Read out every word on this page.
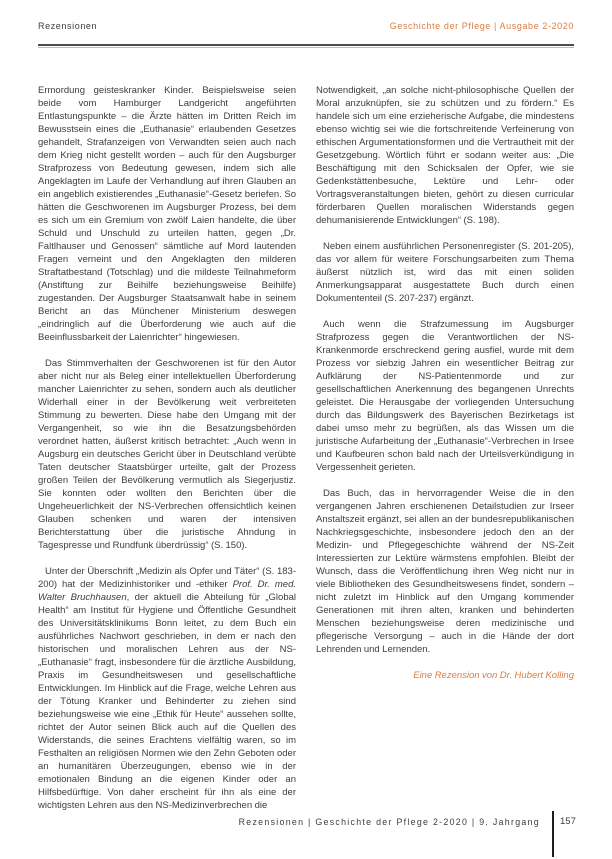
Rezensionen	Geschichte der Pflege | Ausgabe 2-2020

Ermordung geisteskranker Kinder. Beispielsweise seien beide vom Hamburger Landgericht angeführten Entlastungspunkte – die Ärzte hätten im Dritten Reich im Bewusstsein eines die „Euthanasie“ erlaubenden Gesetzes gehandelt, Strafanzeigen von Verwandten seien auch nach dem Krieg nicht gestellt worden – auch für den Augsburger Strafprozess von Bedeutung gewesen, indem sich alle Angeklagten im Laufe der Verhandlung auf ihren Glauben an ein angeblich existierendes „Euthanasie“-Gesetz beriefen. So hätten die Geschworenen im Augsburger Prozess, bei dem es sich um ein Gremium von zwölf Laien handelte, die über Schuld und Unschuld zu urteilen hatten, gegen „Dr. Faltlhauser und Genossen“ sämtliche auf Mord lautenden Fragen verneint und den Angeklagten den milderen Straftatbestand (Totschlag) und die mildeste Teilnahmeform (Anstiftung zur Beihilfe beziehungsweise Beihilfe) zugestanden. Der Augsburger Staatsanwalt habe in seinem Bericht an das Münchener Ministerium deswegen „eindringlich auf die Überforderung wie auch auf die Beeinflussbarkeit der Laienrichter“ hingewiesen.

Das Stimmverhalten der Geschworenen ist für den Autor aber nicht nur als Beleg einer intellektuellen Überforderung mancher Laienrichter zu sehen, sondern auch als deutlicher Widerhall einer in der Bevölkerung weit verbreiteten Stimmung zu bewerten. Diese habe den Umgang mit der Vergangenheit, so wie ihn die Besatzungsbehörden verordnet hatten, äußerst kritisch betrachtet: „Auch wenn in Augsburg ein deutsches Gericht über in Deutschland verübte Taten deutscher Staatsbürger urteilte, galt der Prozess großen Teilen der Bevölkerung vermutlich als Siegerjustiz. Sie konnten oder wollten den Berichten über die Ungeheuerlichkeit der NS-Verbrechen offensichtlich keinen Glauben schenken und waren der intensiven Berichterstattung über die juristische Ahndung in Tagespresse und Rundfunk überdrüssig“ (S. 150).

Unter der Überschrift „Medizin als Opfer und Täter“ (S. 183-200) hat der Medizinhistoriker und -ethiker Prof. Dr. med. Walter Bruchhausen, der aktuell die Abteilung für „Global Health“ am Institut für Hygiene und Öffentliche Gesundheit des Universitätsklinikums Bonn leitet, zu dem Buch ein ausführliches Nachwort geschrieben, in dem er nach den historischen und moralischen Lehren aus der NS-„Euthanasie“ fragt, insbesondere für die ärztliche Ausbildung, Praxis im Gesundheitswesen und gesellschaftliche Entwicklungen. Im Hinblick auf die Frage, welche Lehren aus der Tötung Kranker und Behinderter zu ziehen sind beziehungsweise wie eine „Ethik für Heute“ aussehen sollte, richtet der Autor seinen Blick auch auf die Quellen des Widerstands, die seines Erachtens vielfältig waren, so im Festhalten an religiösen Normen wie den Zehn Geboten oder an humanitären Überzeugungen, ebenso wie in der emotionalen Bindung an die eigenen Kinder oder an Hilfsbedürftige. Von daher erscheint für ihn als eine der wichtigsten Lehren aus den NS-Medizinverbrechen die

Notwendigkeit, „an solche nicht-philosophische Quellen der Moral anzuknüpfen, sie zu schützen und zu fördern.“ Es handele sich um eine erzieherische Aufgabe, die mindestens ebenso wichtig sei wie die fortschreitende Verfeinerung von ethischen Argumentationsformen und die Vertrautheit mit der Gesetzgebung. Wörtlich führt er sodann weiter aus: „Die Beschäftigung mit den Schicksalen der Opfer, wie sie Gedenkstättenbesuche, Lektüre und Lehr- oder Vortragsveranstaltungen bieten, gehört zu diesen curricular förderbaren Quellen moralischen Widerstands gegen dehumanisierende Entwicklungen“ (S. 198).

Neben einem ausführlichen Personenregister (S. 201-205), das vor allem für weitere Forschungsarbeiten zum Thema äußerst nützlich ist, wird das mit einen soliden Anmerkungsapparat ausgestattete Buch durch einen Dokumententeil (S. 207-237) ergänzt.

Auch wenn die Strafzumessung im Augsburger Strafprozess gegen die Verantwortlichen der NS-Krankenmorde erschreckend gering ausfiel, wurde mit dem Prozess vor siebzig Jahren ein wesentlicher Beitrag zur Aufklärung der NS-Patientenmorde und zur gesellschaftlichen Anerkennung des begangenen Unrechts geleistet. Die Herausgabe der vorliegenden Untersuchung durch das Bildungswerk des Bayerischen Bezirketags ist dabei umso mehr zu begrüßen, als das Wissen um die juristische Aufarbeitung der „Euthanasie“-Verbrechen in Irsee und Kaufbeuren schon bald nach der Urteilsverkündigung in Vergessenheit gerieten.

Das Buch, das in hervorragender Weise die in den vergangenen Jahren erschienenen Detailstudien zur Irseer Anstaltszeit ergänzt, sei allen an der bundesrepublikanischen Nachkriegsgeschichte, insbesondere jedoch den an der Medizin- und Pflegegeschichte während der NS-Zeit Interessierten zur Lektüre wärmstens empfohlen. Bleibt der Wunsch, dass die Veröffentlichung ihren Weg nicht nur in viele Bibliotheken des Gesundheitswesens findet, sondern – nicht zuletzt im Hinblick auf den Umgang kommender Generationen mit ihren alten, kranken und behinderten Menschen beziehungsweise deren medizinische und pflegerische Versorgung – auch in die Hände der dort Lehrenden und Lernenden.

Eine Rezension von Dr. Hubert Kolling
Rezensionen | Geschichte der Pflege 2-2020 | 9. Jahrgang 157
